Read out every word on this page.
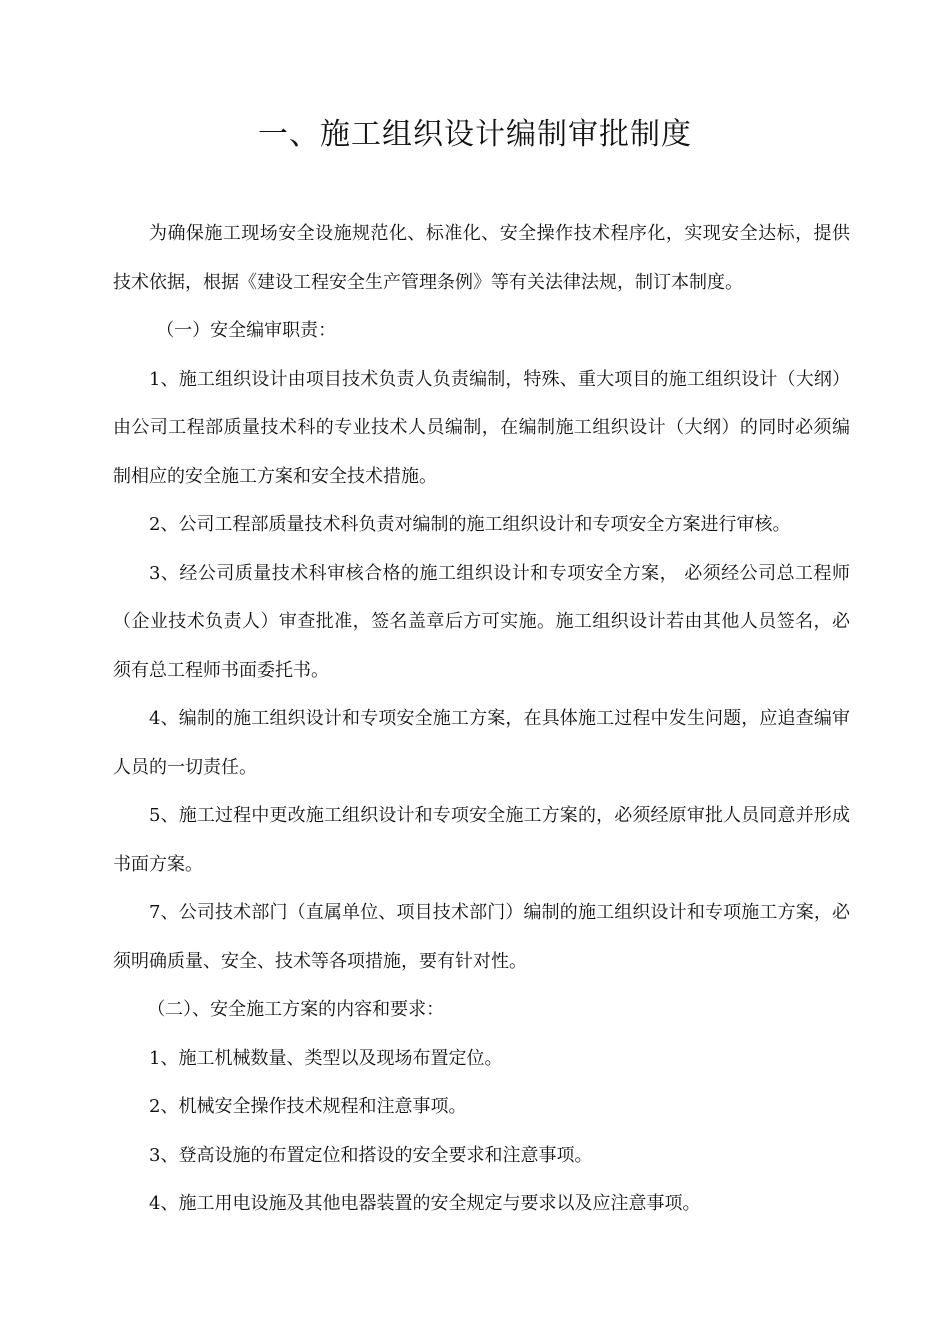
一、施工组织设计编制审批制度

为确保施工现场安全设施规范化、标准化、安全操作技术程序化，实现安全达标，提供技术依据，根据《建设工程安全生产管理条例》等有关法律法规，制订本制度。

（一）安全编审职责：

1、施工组织设计由项目技术负责人负责编制，特殊、重大项目的施工组织设计（大纲）由公司工程部质量技术科的专业技术人员编制，在编制施工组织设计（大纲）的同时必须编制相应的安全施工方案和安全技术措施。

2、公司工程部质量技术科负责对编制的施工组织设计和专项安全方案进行审核。

3、经公司质量技术科审核合格的施工组织设计和专项安全方案， 必须经公司总工程师（企业技术负责人）审查批准，签名盖章后方可实施。施工组织设计若由其他人员签名，必须有总工程师书面委托书。

4、编制的施工组织设计和专项安全施工方案，在具体施工过程中发生问题，应追查编审人员的一切责任。

5、施工过程中更改施工组织设计和专项安全施工方案的，必须经原审批人员同意并形成书面方案。

7、公司技术部门（直属单位、项目技术部门）编制的施工组织设计和专项施工方案，必须明确质量、安全、技术等各项措施，要有针对性。

（二）、安全施工方案的内容和要求：

1、施工机械数量、类型以及现场布置定位。

2、机械安全操作技术规程和注意事项。

3、登高设施的布置定位和搭设的安全要求和注意事项。

4、施工用电设施及其他电器装置的安全规定与要求以及应注意事项。
